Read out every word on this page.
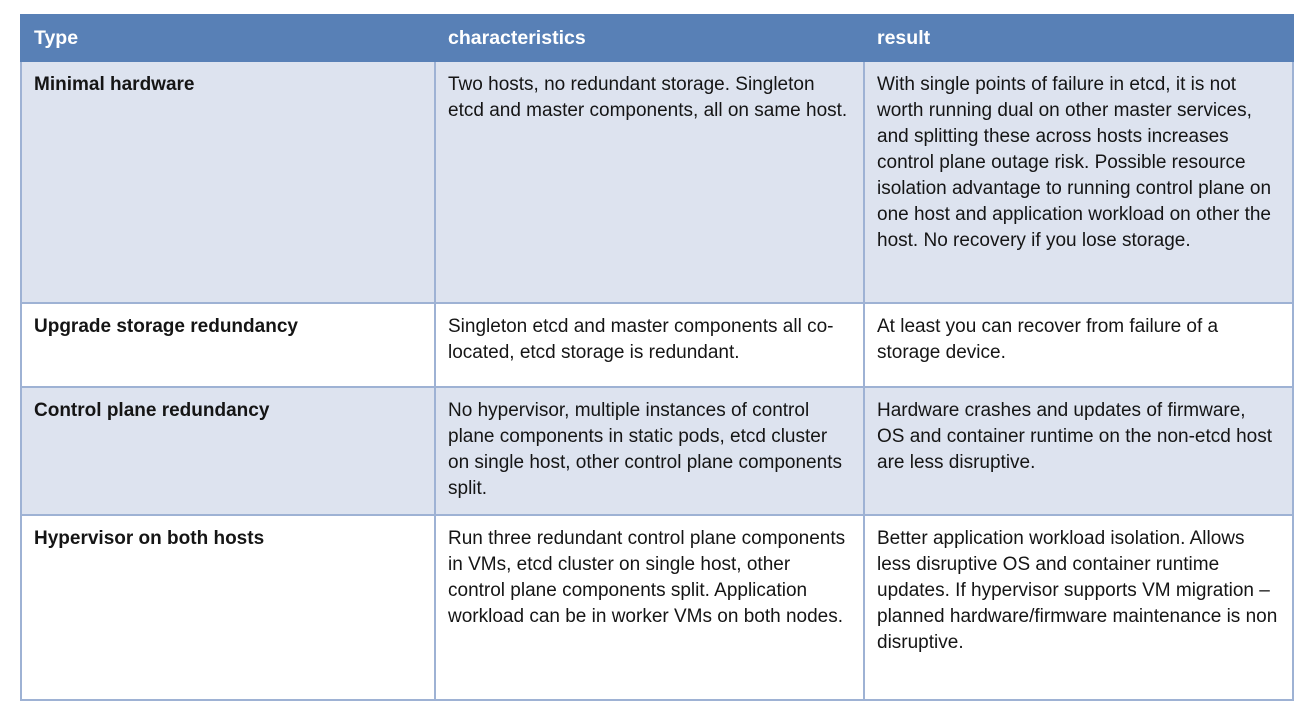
Type	characteristics	result
Minimal hardware	Two hosts, no redundant storage. Singleton etcd and master components, all on same host.	With single points of failure in etcd, it is not worth running dual on other master services, and splitting these across hosts increases control plane outage risk. Possible resource isolation advantage to running control plane on one host and application workload on other the host. No recovery if you lose storage.
Upgrade storage redundancy	Singleton etcd and master components all co-located, etcd storage is redundant.	At least you can recover from failure of a storage device.
Control plane redundancy	No hypervisor, multiple instances of control plane components in static pods, etcd cluster on single host, other control plane components split.	Hardware crashes and updates of firmware, OS and container runtime on the non-etcd host are less disruptive.
Hypervisor on both hosts	Run three redundant control plane components in VMs, etcd cluster on single host, other control plane components split. Application workload can be in worker VMs on both nodes.	Better application workload isolation. Allows less disruptive OS and container runtime updates. If hypervisor supports VM migration – planned hardware/firmware maintenance is non disruptive.
